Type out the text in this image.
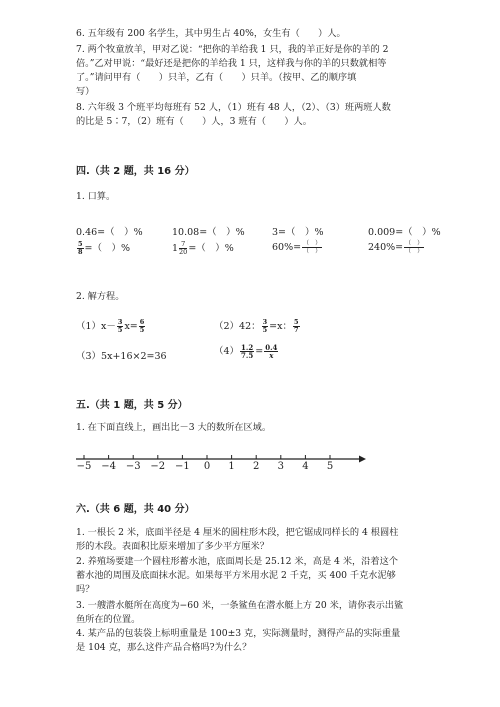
6. 五年级有 200 名学生，其中男生占 40%，女生有（　　）人。
7. 两个牧童放羊，甲对乙说：“把你的羊给我 1 只，我的羊正好是你的羊的 2
倍。”乙对甲说：“最好还是把你的羊给我 1 只，这样我与你的羊的只数就相等
了。”请问甲有（　　）只羊，乙有（　　）只羊。（按甲、乙的顺序填
写）
8. 六年级 3 个班平均每班有 52 人，（1）班有 48 人，（2）、（3）班两班人数
的比是 5∶7，（2）班有（　　）人，3 班有（　　）人。
四.（共 2 题，共 16 分）
1. 口算。
0.46=（　）%	10.08=（　）%	3=（　）%	0.009=（　）%
$\frac{5}{8}$ =（　）%	$1 \frac{7}{20}$ =（　）%	$60\%= \frac{( )}{( )}$	$240\%= \frac{( )}{( )}$
2. 解方程。
$(1)x- \frac{3}{5} x= \frac{6}{5}$	（2）42： $\frac{3}{5} =x$： $\frac{5}{7}$
（3）5x+16×2=36	$(4) \frac{1.2}{7.5} = \frac{0.4}{x}$
五.（共 1 题，共 5 分）
1. 在下面直线上，画出比－3 大的数所在区域。
−5 −4 −3 −2 −1	0	1	2	3	4	5
六.（共 6 题，共 40 分）
1. 一根长 2 米，底面半径是 4 厘米的圆柱形木段，把它锯成同样长的 4 根圆柱
形的木段。表面积比原来增加了多少平方厘米？
2. 养殖场要建一个圆柱形蓄水池，底面周长是 25.12 米，高是 4 米，沿着这个
蓄水池的周围及底面抹水泥。如果每平方米用水泥 2 千克，买 400 千克水泥够
吗？
3. 一艘潜水艇所在高度为−60 米，一条鲨鱼在潜水艇上方 20 米，请你表示出鲨
鱼所在的位置。
4. 某产品的包装袋上标明重量是 100±3 克，实际测量时，测得产品的实际重量
是 104 克，那么这件产品合格吗?为什么？
